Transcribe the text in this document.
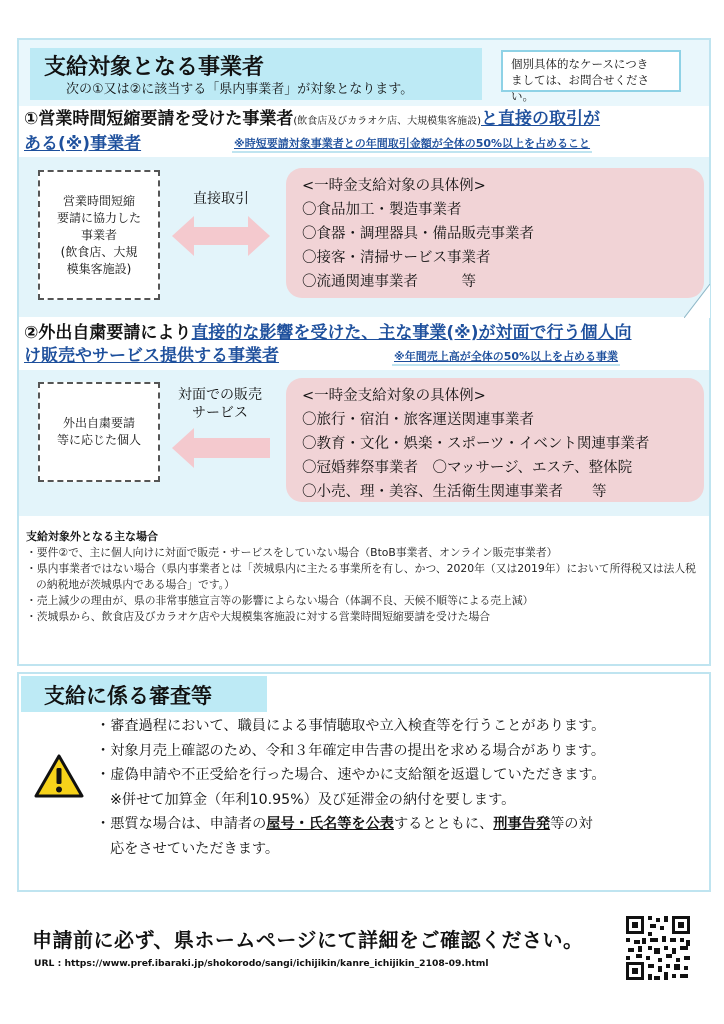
支給対象となる事業者
次の①又は②に該当する「県内事業者」が対象となります。
個別具体的なケースにつき
ましては、お問合せください。
①営業時間短縮要請を受けた事業者(飲食店及びカラオケ店、大規模集客施設)と直接の取引が
ある(※)事業者	※時短要請対象事業者との年間取引金額が全体の50%以上を占めること
営業時間短縮
要請に協力した
事業者
(飲食店、大規
模集客施設)
直接取引
<一時金支給対象の具体例>
〇食品加工・製造事業者
〇食器・調理器具・備品販売事業者
〇接客・清掃サービス事業者
〇流通関連事業者　　　等
②外出自粛要請により直接的な影響を受けた、主な事業(※)が対面で行う個人向
け販売やサービス提供する事業者	※年間売上高が全体の50%以上を占める事業
外出自粛要請
等に応じた個人
対面での販売
サービス
<一時金支給対象の具体例>
〇旅行・宿泊・旅客運送関連事業者
〇教育・文化・娯楽・スポーツ・イベント関連事業者
〇冠婚葬祭事業者　〇マッサージ、エステ、整体院
〇小売、理・美容、生活衛生関連事業者　　等
支給対象外となる主な場合
・要件②で、主に個人向けに対面で販売・サービスをしていない場合（BtoB事業者、オンライン販売事業者）
・県内事業者ではない場合（県内事業者とは「茨城県内に主たる事業所を有し、かつ、2020年（又は2019年）において所得税又は法人税の納税地が茨城県内である場合」です。）
・売上減少の理由が、県の非常事態宣言等の影響によらない場合（体調不良、天候不順等による売上減）
・茨城県から、飲食店及びカラオケ店や大規模集客施設に対する営業時間短縮要請を受けた場合
支給に係る審査等
・審査過程において、職員による事情聴取や立入検査等を行うことがあります。
・対象月売上確認のため、令和３年確定申告書の提出を求める場合があります。
・虚偽申請や不正受給を行った場合、速やかに支給額を返還していただきます。
※併せて加算金（年利10.95%）及び延滞金の納付を要します。
・悪質な場合は、申請者の屋号・氏名等を公表するとともに、刑事告発等の対
応をさせていただきます。
申請前に必ず、県ホームページにて詳細をご確認ください。
URL : https://www.pref.ibaraki.jp/shokorodo/sangi/ichijikin/kanre_ichijikin_2108-09.html
